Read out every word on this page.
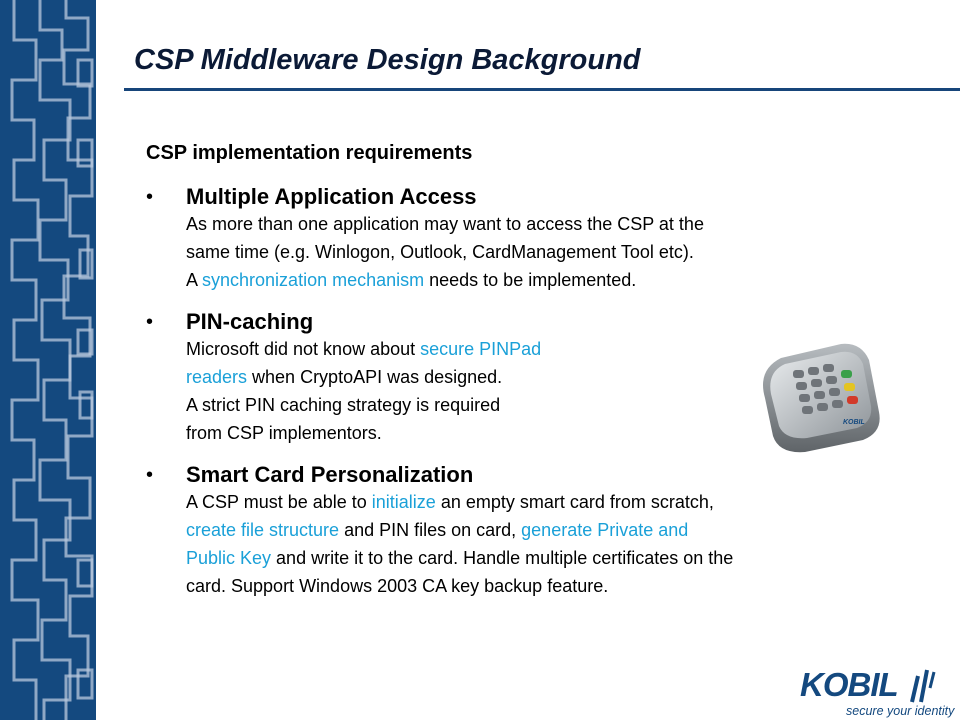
CSP Middleware Design Background
CSP implementation requirements
• Multiple Application Access
As more than one application may want to access the CSP at the
same time (e.g. Winlogon, Outlook, CardManagement Tool etc).
A synchronization mechanism needs to be implemented.
• PIN-caching
Microsoft did not know about secure PINPad
readers when CryptoAPI was designed.
A strict PIN caching strategy is required
from CSP implementors.
• Smart Card Personalization
A CSP must be able to initialize an empty smart card from scratch,
create file structure and PIN files on card, generate Private and
Public Key and write it to the card. Handle multiple certificates on the
card. Support Windows 2003 CA key backup feature.
KOBIL
KOBIL
secure your identity
